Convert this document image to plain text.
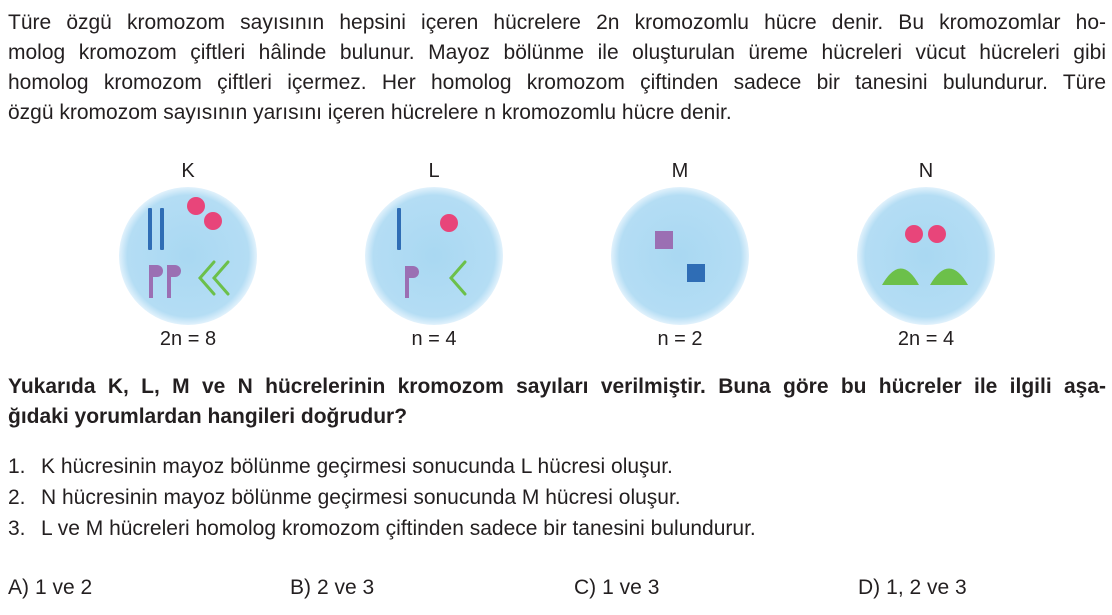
Türe özgü kromozom sayısının hepsini içeren hücrelere 2n kromozomlu hücre denir. Bu kromozomlar ho-
molog kromozom çiftleri hâlinde bulunur. Mayoz bölünme ile oluşturulan üreme hücreleri vücut hücreleri gibi
homolog kromozom çiftleri içermez. Her homolog kromozom çiftinden sadece bir tanesini bulundurur. Türe
özgü kromozom sayısının yarısını içeren hücrelere n kromozomlu hücre denir.
K
2n = 8
L
n = 4
M
n = 2
N
2n = 4
Yukarıda K, L, M ve N hücrelerinin kromozom sayıları verilmiştir. Buna göre bu hücreler ile ilgili aşa-
ğıdaki yorumlardan hangileri doğrudur?
1. K hücresinin mayoz bölünme geçirmesi sonucunda L hücresi oluşur.
2. N hücresinin mayoz bölünme geçirmesi sonucunda M hücresi oluşur.
3. L ve M hücreleri homolog kromozom çiftinden sadece bir tanesini bulundurur.
A) 1 ve 2	B) 2 ve 3	C) 1 ve 3	D) 1, 2 ve 3
